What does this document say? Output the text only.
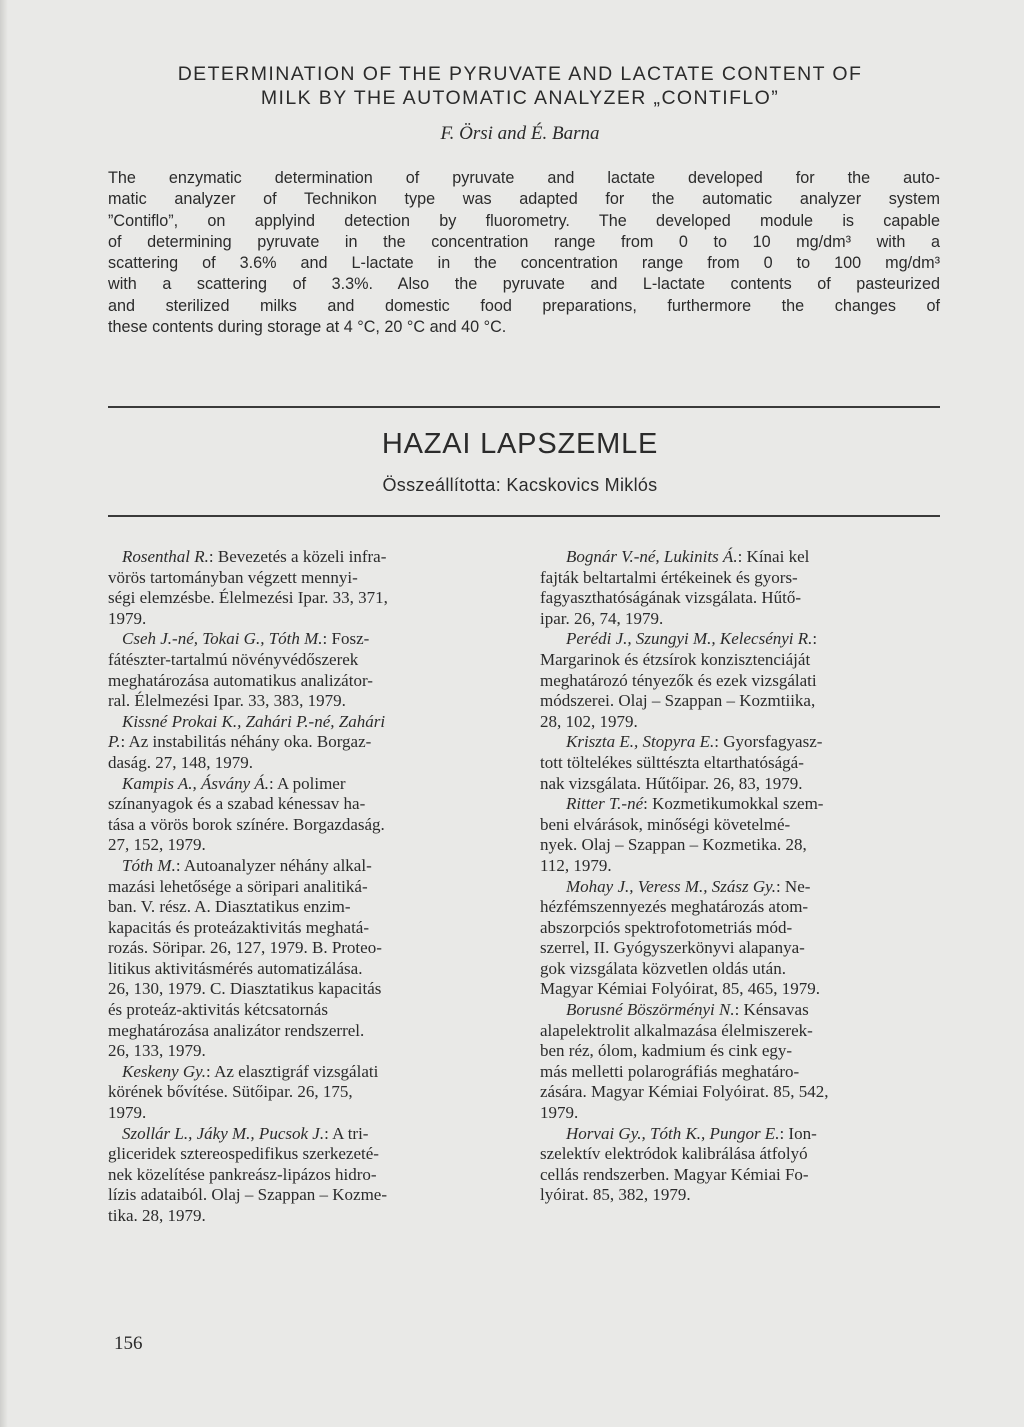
DETERMINATION OF THE PYRUVATE AND LACTATE CONTENT OF
MILK BY THE AUTOMATIC ANALYZER „CONTIFLO”
F. Örsi and É. Barna
The enzymatic determination of pyruvate and lactate developed for the auto-
matic analyzer of Technikon type was adapted for the automatic analyzer system
”Contiflo”, on applyind detection by fluorometry. The developed module is capable
of determining pyruvate in the concentration range from 0 to 10 mg/dm³ with a
scattering of 3.6% and L-lactate in the concentration range from 0 to 100 mg/dm³
with a scattering of 3.3%. Also the pyruvate and L-lactate contents of pasteurized
and sterilized milks and domestic food preparations, furthermore the changes of
these contents during storage at 4 °C, 20 °C and 40 °C.
HAZAI LAPSZEMLE
Összeállította: Kacskovics Miklós
Rosenthal R.: Bevezetés a közeli infra-
vörös tartományban végzett mennyi-
ségi elemzésbe. Élelmezési Ipar. 33, 371,
1979.
Cseh J.-né, Tokai G., Tóth M.: Fosz-
fátészter-tartalmú növényvédőszerek
meghatározása automatikus analizátor-
ral. Élelmezési Ipar. 33, 383, 1979.
Kissné Prokai K., Zahári P.-né, Zahári
P.: Az instabilitás néhány oka. Borgaz-
daság. 27, 148, 1979.
Kampis A., Ásvány Á.: A polimer
színanyagok és a szabad kénessav ha-
tása a vörös borok színére. Borgazdaság.
27, 152, 1979.
Tóth M.: Autoanalyzer néhány alkal-
mazási lehetősége a söripari analitiká-
ban. V. rész. A. Diasztatikus enzim-
kapacitás és proteázaktivitás meghatá-
rozás. Söripar. 26, 127, 1979. B. Proteo-
litikus aktivitásmérés automatizálása.
26, 130, 1979. C. Diasztatikus kapacitás
és proteáz-aktivitás kétcsatornás
meghatározása analizátor rendszerrel.
26, 133, 1979.
Keskeny Gy.: Az elasztigráf vizsgálati
körének bővítése. Sütőipar. 26, 175,
1979.
Szollár L., Jáky M., Pucsok J.: A tri-
gliceridek sztereospedifikus szerkezeté-
nek közelítése pankreász-lipázos hidro-
lízis adataiból. Olaj – Szappan – Kozme-
tika. 28, 1979.
Bognár V.-né, Lukinits Á.: Kínai kel
fajták beltartalmi értékeinek és gyors-
fagyaszthatóságának vizsgálata. Hűtő-
ipar. 26, 74, 1979.
Perédi J., Szungyi M., Kelecsényi R.:
Margarinok és étzsírok konzisztenciáját
meghatározó tényezők és ezek vizsgálati
módszerei. Olaj – Szappan – Kozmtiika,
28, 102, 1979.
Kriszta E., Stopyra E.: Gyorsfagyasz-
tott töltelékes sülttészta eltarthatóságá-
nak vizsgálata. Hűtőipar. 26, 83, 1979.
Ritter T.-né: Kozmetikumokkal szem-
beni elvárások, minőségi követelmé-
nyek. Olaj – Szappan – Kozmetika. 28,
112, 1979.
Mohay J., Veress M., Szász Gy.: Ne-
hézfémszennyezés meghatározás atom-
abszorpciós spektrofotometriás mód-
szerrel, II. Gyógyszerkönyvi alapanya-
gok vizsgálata közvetlen oldás után.
Magyar Kémiai Folyóirat, 85, 465, 1979.
Borusné Böszörményi N.: Kénsavas
alapelektrolit alkalmazása élelmiszerek-
ben réz, ólom, kadmium és cink egy-
más melletti polarográfiás meghatáro-
zására. Magyar Kémiai Folyóirat. 85, 542,
1979.
Horvai Gy., Tóth K., Pungor E.: Ion-
szelektív elektródok kalibrálása átfolyó
cellás rendszerben. Magyar Kémiai Fo-
lyóirat. 85, 382, 1979.
156
